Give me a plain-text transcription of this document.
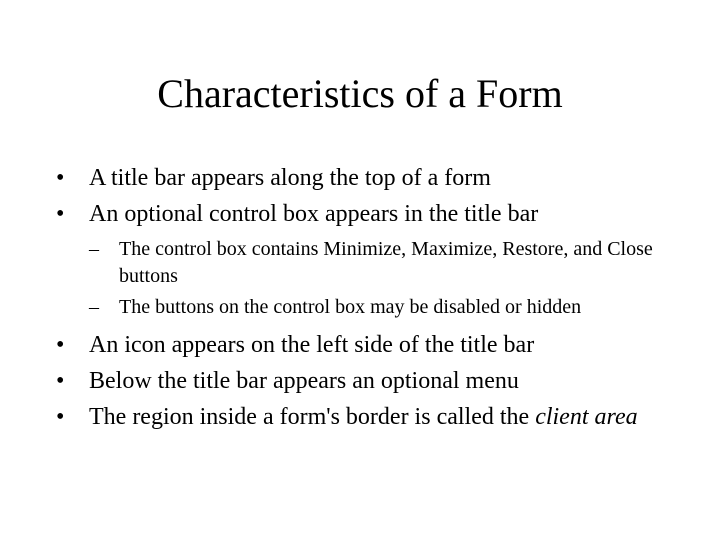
Characteristics of a Form
•	A title bar appears along the top of a form
•	An optional control box appears in the title bar
–	The control box contains Minimize, Maximize, Restore, and Close buttons
–	The buttons on the control box may be disabled or hidden
•	An icon appears on the left side of the title bar
•	Below the title bar appears an optional menu
•	The region inside a form's border is called the client area
